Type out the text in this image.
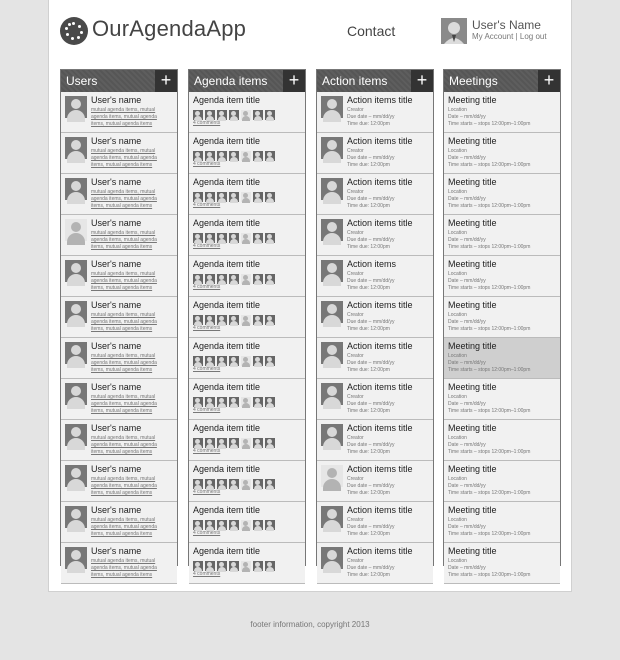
OurAgendaApp	Contact	User's Name
My Account | Log out
Users	+
User's name
mutual agenda items, mutual
agenda items, mutual agenda
items, mutual agenda items
User's name
mutual agenda items, mutual
agenda items, mutual agenda
items, mutual agenda items
User's name
mutual agenda items, mutual
agenda items, mutual agenda
items, mutual agenda items
User's name
mutual agenda items, mutual
agenda items, mutual agenda
items, mutual agenda items
User's name
mutual agenda items, mutual
agenda items, mutual agenda
items, mutual agenda items
User's name
mutual agenda items, mutual
agenda items, mutual agenda
items, mutual agenda items
User's name
mutual agenda items, mutual
agenda items, mutual agenda
items, mutual agenda items
User's name
mutual agenda items, mutual
agenda items, mutual agenda
items, mutual agenda items
User's name
mutual agenda items, mutual
agenda items, mutual agenda
items, mutual agenda items
User's name
mutual agenda items, mutual
agenda items, mutual agenda
items, mutual agenda items
User's name
mutual agenda items, mutual
agenda items, mutual agenda
items, mutual agenda items
User's name
mutual agenda items, mutual
agenda items, mutual agenda
items, mutual agenda items
Agenda items	+
Agenda item title
4 comments
Agenda item title
4 comments
Agenda item title
4 comments
Agenda item title
4 comments
Agenda item title
4 comments
Agenda item title
4 comments
Agenda item title
4 comments
Agenda item title
4 comments
Agenda item title
4 comments
Agenda item title
4 comments
Agenda item title
4 comments
Agenda item title
4 comments
Action items	+
Action items title
Creator
Due date – mm/dd/yy
Time due: 12:00pm
Action items title
Creator
Due date – mm/dd/yy
Time due: 12:00pm
Action items title
Creator
Due date – mm/dd/yy
Time due: 12:00pm
Action items title
Creator
Due date – mm/dd/yy
Time due: 12:00pm
Action items
Creator
Due date – mm/dd/yy
Time due: 12:00pm
Action items title
Creator
Due date – mm/dd/yy
Time due: 12:00pm
Action items title
Creator
Due date – mm/dd/yy
Time due: 12:00pm
Action items title
Creator
Due date – mm/dd/yy
Time due: 12:00pm
Action items title
Creator
Due date – mm/dd/yy
Time due: 12:00pm
Action items title
Creator
Due date – mm/dd/yy
Time due: 12:00pm
Action items title
Creator
Due date – mm/dd/yy
Time due: 12:00pm
Action items title
Creator
Due date – mm/dd/yy
Time due: 12:00pm
Meetings	+
Meeting title
Location
Date – mm/dd/yy
Time starts – stops 12:00pm–1:00pm
Meeting title
Location
Date – mm/dd/yy
Time starts – stops 12:00pm–1:00pm
Meeting title
Location
Date – mm/dd/yy
Time starts – stops 12:00pm–1:00pm
Meeting title
Location
Date – mm/dd/yy
Time starts – stops 12:00pm–1:00pm
Meeting title
Location
Date – mm/dd/yy
Time starts – stops 12:00pm–1:00pm
Meeting title
Location
Date – mm/dd/yy
Time starts – stops 12:00pm–1:00pm
Meeting title
Location
Date – mm/dd/yy
Time starts – stops 12:00pm–1:00pm
Meeting title
Location
Date – mm/dd/yy
Time starts – stops 12:00pm–1:00pm
Meeting title
Location
Date – mm/dd/yy
Time starts – stops 12:00pm–1:00pm
Meeting title
Location
Date – mm/dd/yy
Time starts – stops 12:00pm–1:00pm
Meeting title
Location
Date – mm/dd/yy
Time starts – stops 12:00pm–1:00pm
Meeting title
Location
Date – mm/dd/yy
Time starts – stops 12:00pm–1:00pm
footer information, copyright 2013
